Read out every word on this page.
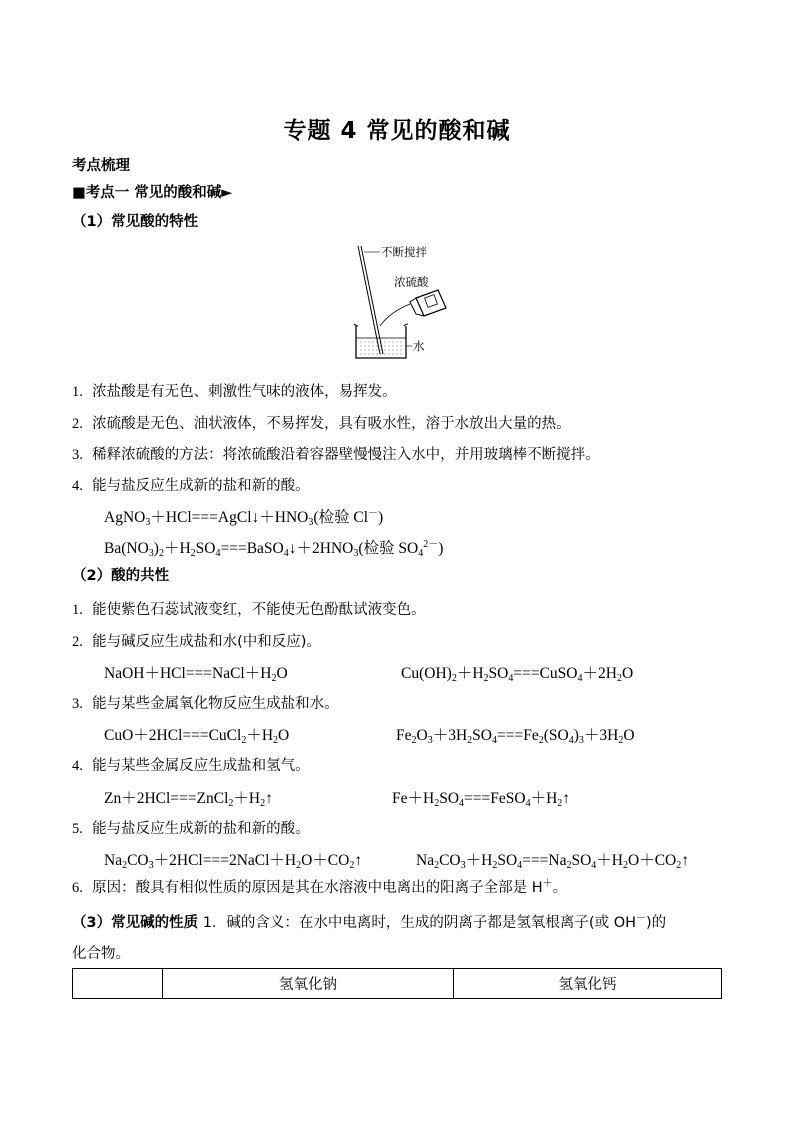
专题 4 常见的酸和碱
考点梳理
■考点一 常见的酸和碱►
（1）常见酸的特性
不断搅拌
浓硫酸
水
1. 浓盐酸是有无色、刺激性气味的液体，易挥发。
2. 浓硫酸是无色、油状液体，不易挥发，具有吸水性，溶于水放出大量的热。
3. 稀释浓硫酸的方法：将浓硫酸沿着容器壁慢慢注入水中，并用玻璃棒不断搅拌。
4. 能与盐反应生成新的盐和新的酸。
$AgNO_3+HCl===AgCl↓+HNO_3$(检验 Cl－)
$Ba(NO_3)_2+H_2SO_4===BaSO_4↓+2HNO_3$(检验 $SO_4^{2-}$)
（2）酸的共性
1. 能使紫色石蕊试液变红，不能使无色酚酞试液变色。
2. 能与碱反应生成盐和水(中和反应)。
$NaOH+HCl===NaCl+H_2O$	$Cu(OH)_2+H_2SO_4===CuSO_4+2H_2O$
3. 能与某些金属氧化物反应生成盐和水。
$CuO+2HCl===CuCl_2+H_2O$	$Fe_2O_3+3H_2SO_4===Fe_2(SO_4)_3+3H_2O$
4. 能与某些金属反应生成盐和氢气。
$Zn+2HCl===ZnCl_2+H_2↑$	$Fe+H_2SO_4===FeSO_4+H_2↑$
5. 能与盐反应生成新的盐和新的酸。
$Na_2CO_3+2HCl===2NaCl+H_2O+CO_2↑$	$Na_2CO_3+H_2SO_4===Na_2SO_4+H_2O+CO_2↑$
6. 原因：酸具有相似性质的原因是其在水溶液中电离出的阳离子全部是 H＋。
（3）常见碱的性质 1．碱的含义：在水中电离时，生成的阴离子都是氢氧根离子(或 OH－)的
化合物。
	氢氧化钠	氢氧化钙
